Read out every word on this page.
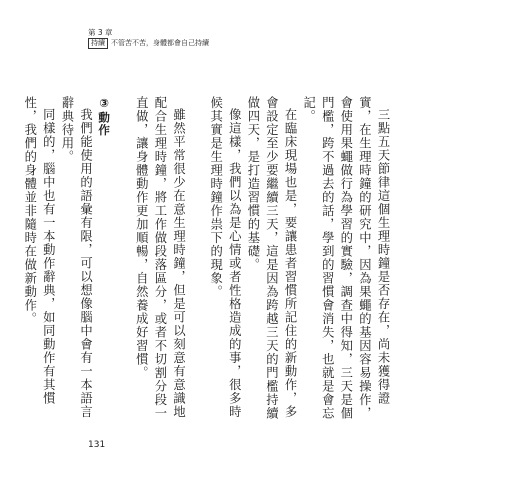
第 3 章
持續 不管苦不苦，身體都會自己持續

三點五天節律這個生理時鐘是否存在，尚未獲得證實，在生理時鐘的研究中，因為果蠅的基因容易操作，會使用果蠅做行為學習的實驗，調查中得知，三天是個門檻，跨不過去的話，學到的習慣會消失，也就是會忘記。

在臨床現場也是，要讓患者習慣所記住的新動作，多會設定至少要繼續三天，這是因為跨越三天的門檻持續做四天，是打造習慣的基礎。

像這樣，我們以為是心情或者性格造成的事，很多時候其實是生理時鐘作祟下的現象。

雖然平常很少在意生理時鐘，但是可以刻意有意識地配合生理時鐘，將工作做段落區分，或者不切割分段一直做，讓身體動作更加順暢，自然養成好習慣。

③動作

我們能使用的語彙有限，可以想像腦中會有一本語言辭典待用。

同樣的，腦中也有一本動作辭典，如同動作有其慣性，我們的身體並非隨時在做新動作。

131
